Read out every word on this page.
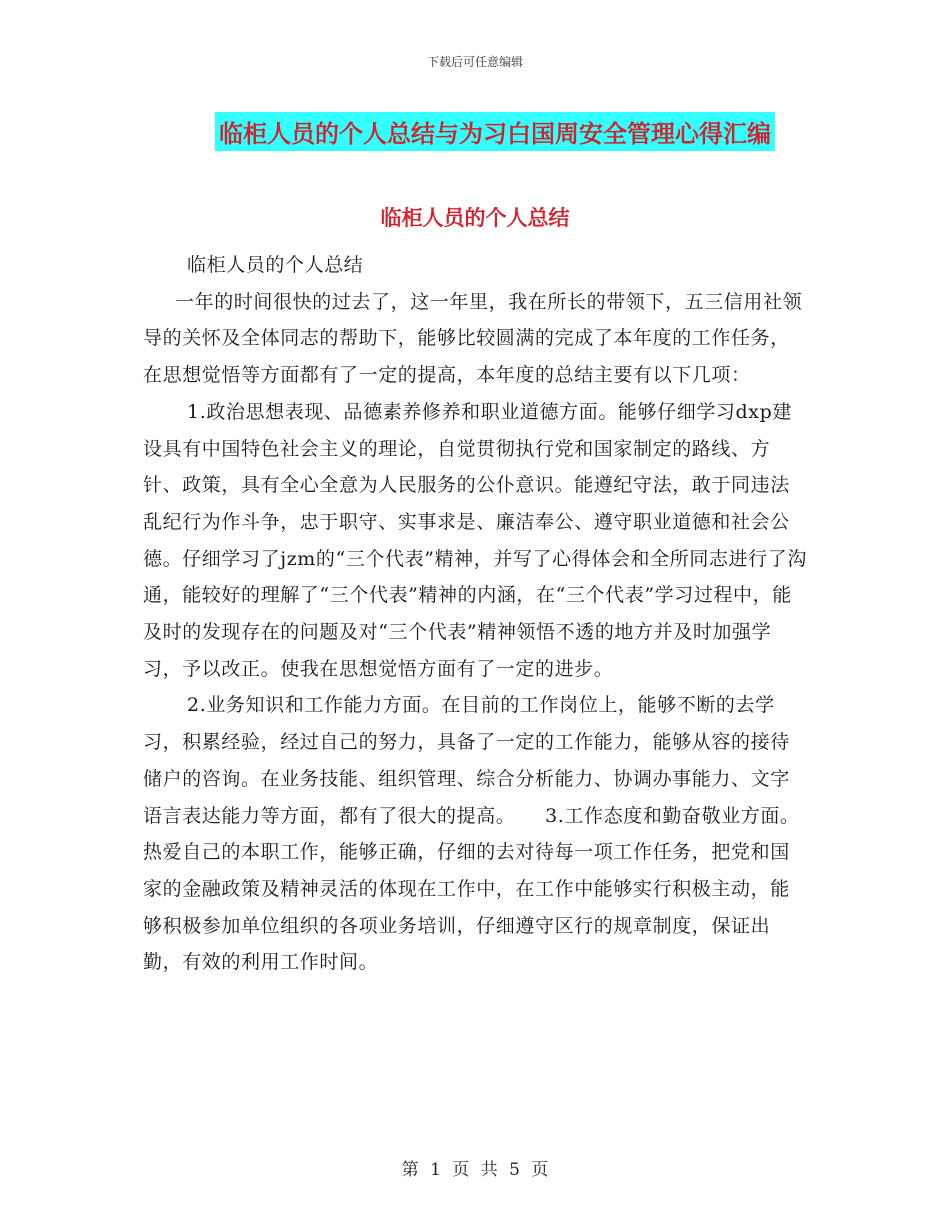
下载后可任意编辑
临柜人员的个人总结与为习白国周安全管理心得汇编
临柜人员的个人总结

临柜人员的个人总结

一年的时间很快的过去了，这一年里，我在所长的带领下，五三信用社领导的关怀及全体同志的帮助下，能够比较圆满的完成了本年度的工作任务，在思想觉悟等方面都有了一定的提高，本年度的总结主要有以下几项：

1.政治思想表现、品德素养修养和职业道德方面。能够仔细学习dxp建设具有中国特色社会主义的理论，自觉贯彻执行党和国家制定的路线、方针、政策，具有全心全意为人民服务的公仆意识。能遵纪守法，敢于同违法乱纪行为作斗争，忠于职守、实事求是、廉洁奉公、遵守职业道德和社会公德。仔细学习了jzm的“三个代表”精神，并写了心得体会和全所同志进行了沟通，能较好的理解了“三个代表”精神的内涵，在“三个代表”学习过程中，能及时的发现存在的问题及对“三个代表”精神领悟不透的地方并及时加强学习，予以改正。使我在思想觉悟方面有了一定的进步。

2.业务知识和工作能力方面。在目前的工作岗位上，能够不断的去学习，积累经验，经过自己的努力，具备了一定的工作能力，能够从容的接待储户的咨询。在业务技能、组织管理、综合分析能力、协调办事能力、文字语言表达能力等方面，都有了很大的提高。　　3.工作态度和勤奋敬业方面。热爱自己的本职工作，能够正确，仔细的去对待每一项工作任务，把党和国家的金融政策及精神灵活的体现在工作中，在工作中能够实行积极主动，能够积极参加单位组织的各项业务培训，仔细遵守区行的规章制度，保证出勤，有效的利用工作时间。

第 1 页 共 5 页
